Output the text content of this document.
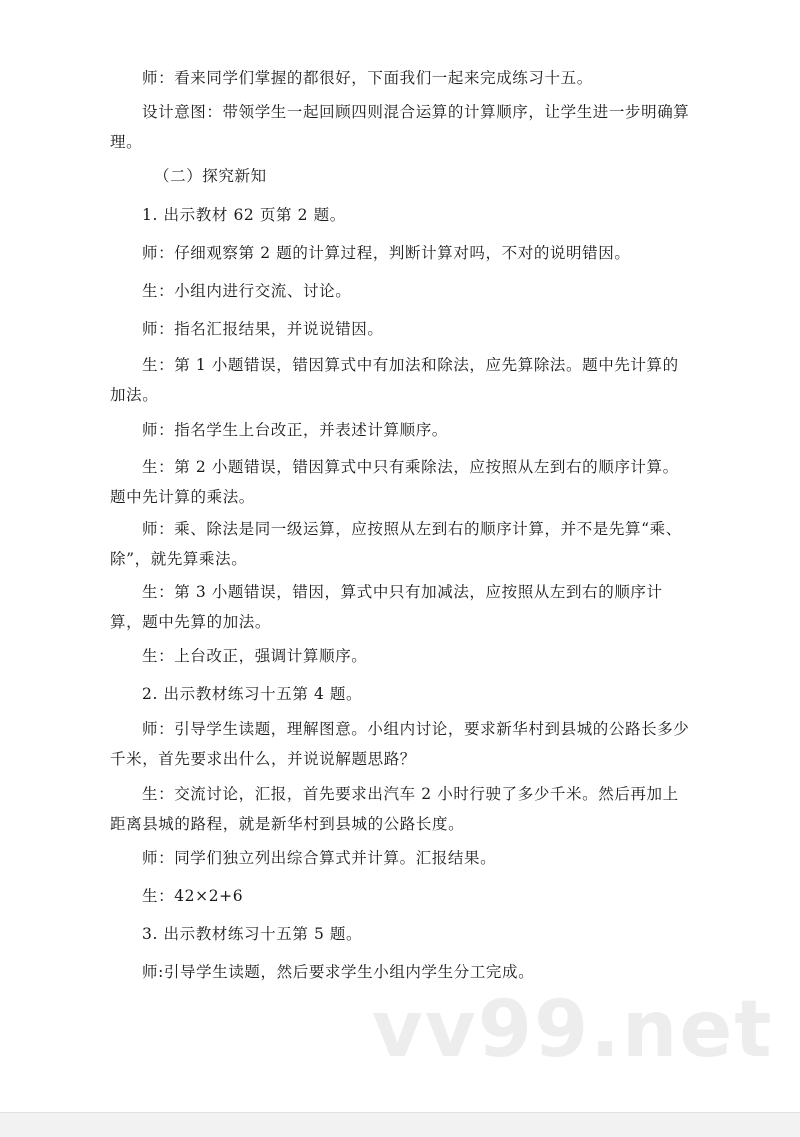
师：看来同学们掌握的都很好，下面我们一起来完成练习十五。

设计意图：带领学生一起回顾四则混合运算的计算顺序，让学生进一步明确算理。

（二）探究新知

1. 出示教材 62 页第 2 题。

师：仔细观察第 2 题的计算过程，判断计算对吗，不对的说明错因。

生：小组内进行交流、讨论。

师：指名汇报结果，并说说错因。

生：第 1 小题错误，错因算式中有加法和除法，应先算除法。题中先计算的加法。

师：指名学生上台改正，并表述计算顺序。

生：第 2 小题错误，错因算式中只有乘除法，应按照从左到右的顺序计算。题中先计算的乘法。

师：乘、除法是同一级运算，应按照从左到右的顺序计算，并不是先算“乘、除”，就先算乘法。

生：第 3 小题错误，错因，算式中只有加减法，应按照从左到右的顺序计算，题中先算的加法。

生：上台改正，强调计算顺序。

2. 出示教材练习十五第 4 题。

师：引导学生读题，理解图意。小组内讨论，要求新华村到县城的公路长多少千米，首先要求出什么，并说说解题思路？

生：交流讨论，汇报，首先要求出汽车 2 小时行驶了多少千米。然后再加上距离县城的路程，就是新华村到县城的公路长度。

师：同学们独立列出综合算式并计算。汇报结果。

生：42×2+6

3. 出示教材练习十五第 5 题。

师:引导学生读题，然后要求学生小组内学生分工完成。

vv99.net
